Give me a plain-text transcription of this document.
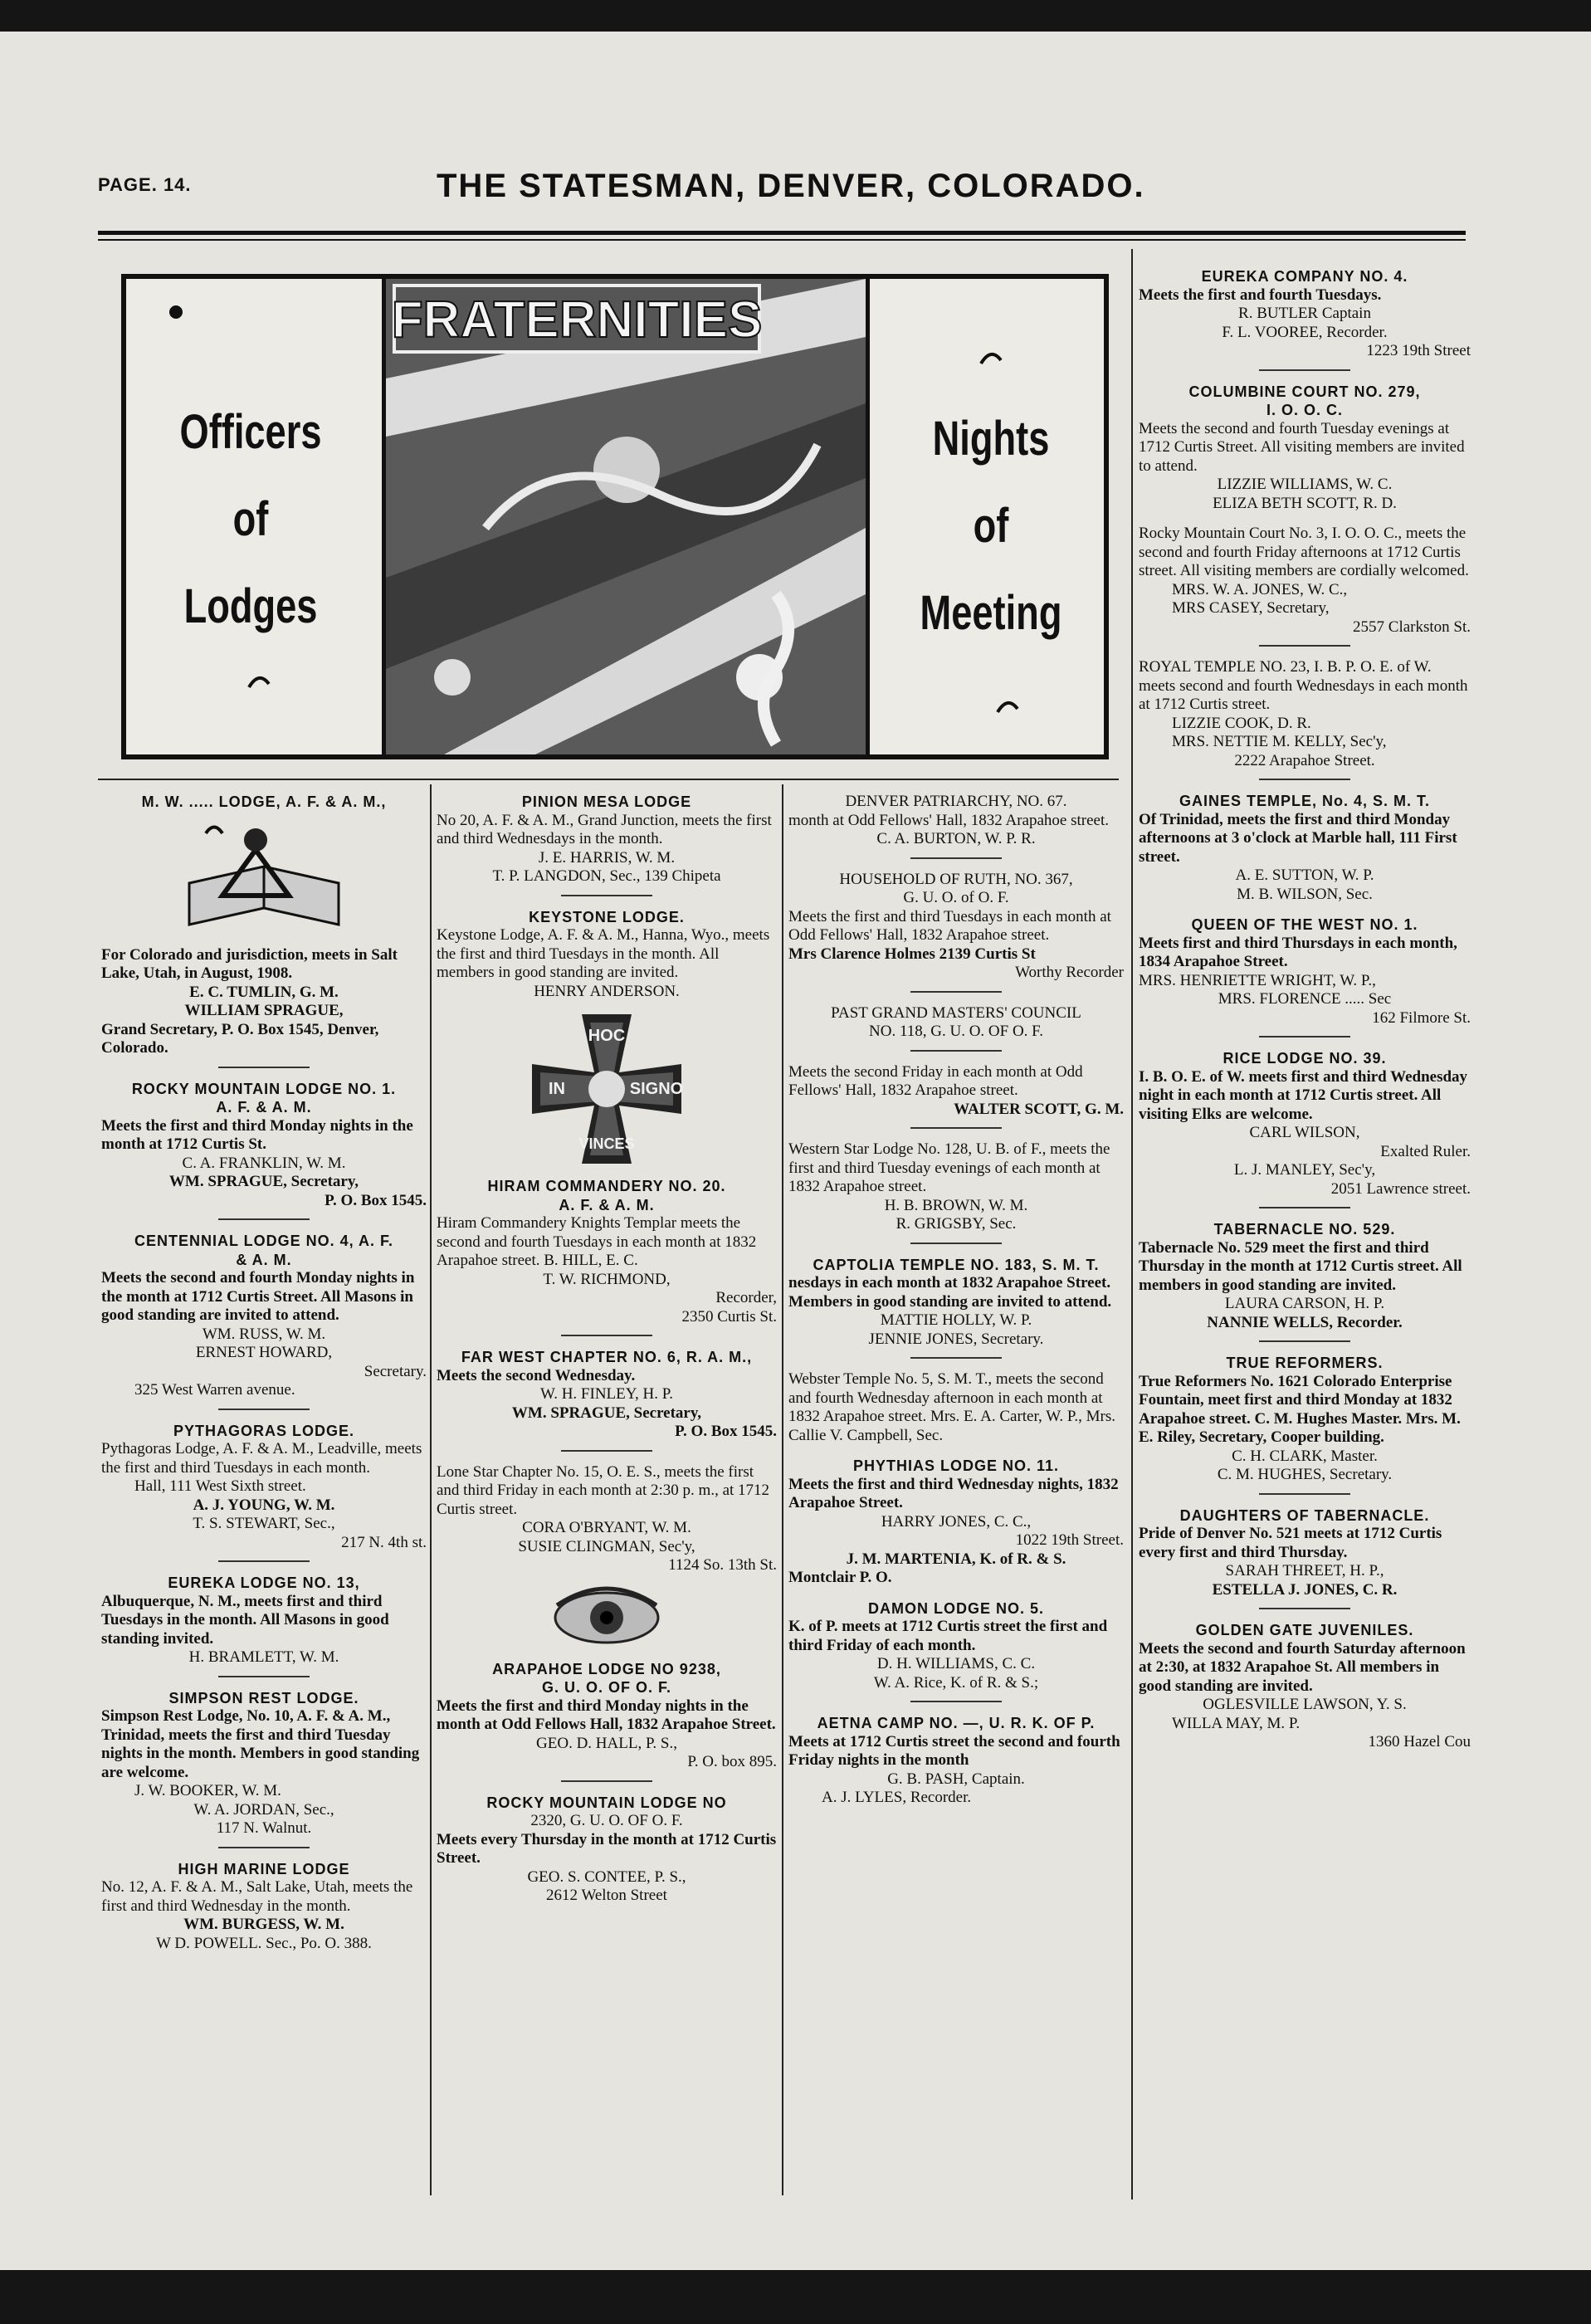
PAGE. 14.	THE STATESMAN, DENVER, COLORADO.
Officers
of
Lodges
FRATERNITIES
Nights
of
Meeting

M. W. ..... LODGE, A. F. & A. M.,

For Colorado and jurisdiction, meets in Salt Lake, Utah, in August, 1908.

E. C. TUMLIN, G. M.

WILLIAM SPRAGUE,

Grand Secretary, P. O. Box 1545, Denver, Colorado.

ROCKY MOUNTAIN LODGE NO. 1.

A. F. & A. M.

Meets the first and third Monday nights in the month at 1712 Curtis St.

C. A. FRANKLIN, W. M.

WM. SPRAGUE, Secretary,

P. O. Box 1545.

CENTENNIAL LODGE NO. 4, A. F.

& A. M.

Meets the second and fourth Monday nights in the month at 1712 Curtis Street. All Masons in good standing are invited to attend.

WM. RUSS, W. M.

ERNEST HOWARD,

Secretary.

325 West Warren avenue.

PYTHAGORAS LODGE.

Pythagoras Lodge, A. F. & A. M., Leadville, meets the first and third Tuesdays in each month.

Hall, 111 West Sixth street.

A. J. YOUNG, W. M.

T. S. STEWART, Sec.,

217 N. 4th st.

EUREKA LODGE NO. 13,

Albuquerque, N. M., meets first and third Tuesdays in the month. All Masons in good standing invited.

H. BRAMLETT, W. M.

SIMPSON REST LODGE.

Simpson Rest Lodge, No. 10, A. F. & A. M., Trinidad, meets the first and third Tuesday nights in the month. Members in good standing are welcome.

J. W. BOOKER, W. M.

W. A. JORDAN, Sec.,

117 N. Walnut.

HIGH MARINE LODGE

No. 12, A. F. & A. M., Salt Lake, Utah, meets the first and third Wednesday in the month.

WM. BURGESS, W. M.

W D. POWELL. Sec., Po. O. 388.

PINION MESA LODGE

No 20, A. F. & A. M., Grand Junction, meets the first and third Wednesdays in the month.

J. E. HARRIS, W. M.

T. P. LANGDON, Sec., 139 Chipeta

KEYSTONE LODGE.

Keystone Lodge, A. F. & A. M., Hanna, Wyo., meets the first and third Tuesdays in the month. All members in good standing are invited.

HENRY ANDERSON.

HOC
IN	SIGNO
VINCES

HIRAM COMMANDERY NO. 20.

A. F. & A. M.

Hiram Commandery Knights Templar meets the second and fourth Tuesdays in each month at 1832 Arapahoe street. B. HILL, E. C.

T. W. RICHMOND,

Recorder,

2350 Curtis St.

FAR WEST CHAPTER NO. 6, R. A. M.,

Meets the second Wednesday.

W. H. FINLEY, H. P.

WM. SPRAGUE, Secretary,

P. O. Box 1545.

Lone Star Chapter No. 15, O. E. S., meets the first and third Friday in each month at 2:30 p. m., at 1712 Curtis street.

CORA O'BRYANT, W. M.

SUSIE CLINGMAN, Sec'y,

1124 So. 13th St.

ARAPAHOE LODGE NO 9238,

G. U. O. OF O. F.

Meets the first and third Monday nights in the month at Odd Fellows Hall, 1832 Arapahoe Street.

GEO. D. HALL, P. S.,

P. O. box 895.

ROCKY MOUNTAIN LODGE NO

2320, G. U. O. OF O. F.

Meets every Thursday in the month at 1712 Curtis Street.

GEO. S. CONTEE, P. S.,

2612 Welton Street

DENVER PATRIARCHY, NO. 67.

month at Odd Fellows' Hall, 1832 Arapahoe street.

C. A. BURTON, W. P. R.

HOUSEHOLD OF RUTH, NO. 367,

G. U. O. of O. F.

Meets the first and third Tuesdays in each month at Odd Fellows' Hall, 1832 Arapahoe street.

Mrs Clarence Holmes 2139 Curtis St

Worthy Recorder

PAST GRAND MASTERS' COUNCIL

NO. 118, G. U. O. OF O. F.

Meets the second Friday in each month at Odd Fellows' Hall, 1832 Arapahoe street.

WALTER SCOTT, G. M.

Western Star Lodge No. 128, U. B. of F., meets the first and third Tuesday evenings of each month at 1832 Arapahoe street.

H. B. BROWN, W. M.

R. GRIGSBY, Sec.

CAPTOLIA TEMPLE NO. 183, S. M. T.

nesdays in each month at 1832 Arapahoe Street. Members in good standing are invited to attend.

MATTIE HOLLY, W. P.

JENNIE JONES, Secretary.

Webster Temple No. 5, S. M. T., meets the second and fourth Wednesday afternoon in each month at 1832 Arapahoe street. Mrs. E. A. Carter, W. P., Mrs. Callie V. Campbell, Sec.

PHYTHIAS LODGE NO. 11.

Meets the first and third Wednesday nights, 1832 Arapahoe Street.

HARRY JONES, C. C.,

1022 19th Street.

J. M. MARTENIA, K. of R. & S.

Montclair P. O.

DAMON LODGE NO. 5.

K. of P. meets at 1712 Curtis street the first and third Friday of each month.

D. H. WILLIAMS, C. C.

W. A. Rice, K. of R. & S.;

AETNA CAMP NO. —, U. R. K. OF P.

Meets at 1712 Curtis street the second and fourth Friday nights in the month

G. B. PASH, Captain.

A. J. LYLES, Recorder.

EUREKA COMPANY NO. 4.

Meets the first and fourth Tuesdays.

R. BUTLER Captain

F. L. VOOREE, Recorder.

1223 19th Street

COLUMBINE COURT NO. 279,

I. O. O. C.

Meets the second and fourth Tuesday evenings at 1712 Curtis Street. All visiting members are invited to attend.

LIZZIE WILLIAMS, W. C.

ELIZA BETH SCOTT, R. D.

Rocky Mountain Court No. 3, I. O. O. C., meets the second and fourth Friday afternoons at 1712 Curtis street. All visiting members are cordially welcomed.

MRS. W. A. JONES, W. C.,

MRS CASEY, Secretary,

2557 Clarkston St.

ROYAL TEMPLE NO. 23, I. B. P. O. E. of W. meets second and fourth Wednesdays in each month at 1712 Curtis street.

LIZZIE COOK, D. R.

MRS. NETTIE M. KELLY, Sec'y,

2222 Arapahoe Street.

GAINES TEMPLE, No. 4, S. M. T.

Of Trinidad, meets the first and third Monday afternoons at 3 o'clock at Marble hall, 111 First street.

A. E. SUTTON, W. P.

M. B. WILSON, Sec.

QUEEN OF THE WEST NO. 1.

Meets first and third Thursdays in each month, 1834 Arapahoe Street.

MRS. HENRIETTE WRIGHT, W. P.,

MRS. FLORENCE ..... Sec

162 Filmore St.

RICE LODGE NO. 39.

I. B. O. E. of W. meets first and third Wednesday night in each month at 1712 Curtis street. All visiting Elks are welcome.

CARL WILSON,

Exalted Ruler.

L. J. MANLEY, Sec'y,

2051 Lawrence street.

TABERNACLE NO. 529.

Tabernacle No. 529 meet the first and third Thursday in the month at 1712 Curtis street. All members in good standing are invited.

LAURA CARSON, H. P.

NANNIE WELLS, Recorder.

TRUE REFORMERS.

True Reformers No. 1621 Colorado Enterprise Fountain, meet first and third Monday at 1832 Arapahoe street. C. M. Hughes Master. Mrs. M. E. Riley, Secretary, Cooper building.

C. H. CLARK, Master.

C. M. HUGHES, Secretary.

DAUGHTERS OF TABERNACLE.

Pride of Denver No. 521 meets at 1712 Curtis every first and third Thursday.

SARAH THREET, H. P.,

ESTELLA J. JONES, C. R.

GOLDEN GATE JUVENILES.

Meets the second and fourth Saturday afternoon at 2:30, at 1832 Arapahoe St. All members in good standing are invited.

OGLESVILLE LAWSON, Y. S.

WILLA MAY, M. P.

1360 Hazel Cou
